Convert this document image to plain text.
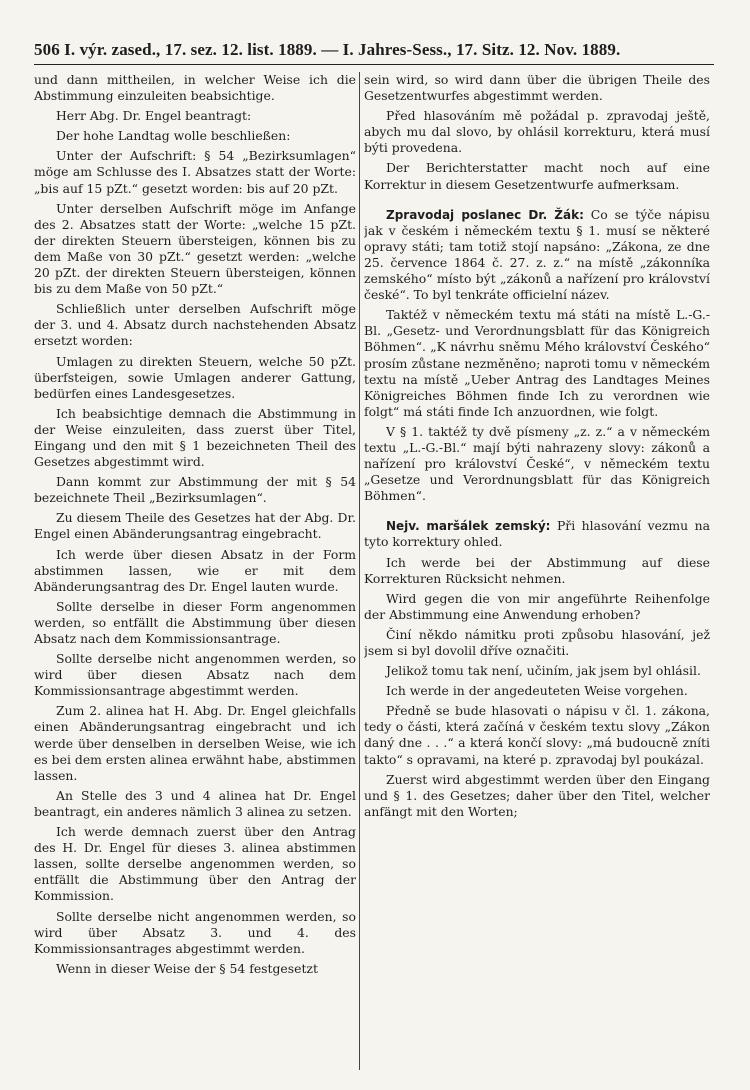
506 I. výr. zased., 17. sez. 12. list. 1889. — I. Jahres-Sess., 17. Sitz. 12. Nov. 1889.

und dann mittheilen, in welcher Weise ich die Abstimmung einzuleiten beabsichtige.

Herr Abg. Dr. Engel beantragt:

Der hohe Landtag wolle beschließen:

Unter der Aufschrift: § 54 „Bezirksumlagen“ möge am Schlusse des I. Absatzes statt der Worte: „bis auf 15 pZt.“ gesetzt worden: bis auf 20 pZt.

Unter derselben Aufschrift möge im Anfange des 2. Absatzes statt der Worte: „welche 15 pZt. der direkten Steuern übersteigen, können bis zu dem Maße von 30 pZt.“ gesetzt werden: „welche 20 pZt. der direkten Steuern übersteigen, können bis zu dem Maße von 50 pZt.“

Schließlich unter derselben Aufschrift möge der 3. und 4. Absatz durch nachstehenden Absatz ersetzt worden:

Umlagen zu direkten Steuern, welche 50 pZt. überfsteigen, sowie Umlagen anderer Gattung, bedürfen eines Landesgesetzes.

Ich beabsichtige demnach die Abstimmung in der Weise einzuleiten, dass zuerst über Titel, Eingang und den mit § 1 bezeichneten Theil des Gesetzes abgestimmt wird.

Dann kommt zur Abstimmung der mit § 54 bezeichnete Theil „Bezirksumlagen“.

Zu diesem Theile des Gesetzes hat der Abg. Dr. Engel einen Abänderungsantrag eingebracht.

Ich werde über diesen Absatz in der Form abstimmen lassen, wie er mit dem Abänderungsantrag des Dr. Engel lauten wurde.

Sollte derselbe in dieser Form angenommen werden, so entfällt die Abstimmung über diesen Absatz nach dem Kommissionsantrage.

Sollte derselbe nicht angenommen werden, so wird über diesen Absatz nach dem Kommissionsantrage abgestimmt werden.

Zum 2. alinea hat H. Abg. Dr. Engel gleichfalls einen Abänderungsantrag eingebracht und ich werde über denselben in derselben Weise, wie ich es bei dem ersten alinea erwähnt habe, abstimmen lassen.

An Stelle des 3 und 4 alinea hat Dr. Engel beantragt, ein anderes nämlich 3 alinea zu setzen.

Ich werde demnach zuerst über den Antrag des H. Dr. Engel für dieses 3. alinea abstimmen lassen, sollte derselbe angenommen werden, so entfällt die Abstimmung über den Antrag der Kommission.

Sollte derselbe nicht angenommen werden, so wird über Absatz 3. und 4. des Kommissionsantrages abgestimmt werden.

Wenn in dieser Weise der § 54 festgesetzt

sein wird, so wird dann über die übrigen Theile des Gesetzentwurfes abgestimmt werden.

Před hlasováním mě požádal p. zpravodaj ještě, abych mu dal slovo, by ohlásil korrekturu, která musí býti provedena.

Der Berichterstatter macht noch auf eine Korrektur in diesem Gesetzentwurfe aufmerksam.

Zpravodaj poslanec Dr. Žák: Co se týče nápisu jak v českém i německém textu § 1. musí se některé opravy státi; tam totiž stojí napsáno: „Zákona, ze dne 25. července 1864 č. 27. z. z.“ na místě „zákonníka zemského“ místo být „zákonů a nařízení pro království české“. To byl tenkráte officielní název.

Taktéž v německém textu má státi na místě L.-G.-Bl. „Gesetz- und Verordnungsblatt für das Königreich Böhmen“. „K návrhu sněmu Mého království Českého“ prosím zůstane nezměněno; naproti tomu v německém textu na místě „Ueber Antrag des Landtages Meines Königreiches Böhmen finde Ich zu verordnen wie folgt“ má státi finde Ich anzuordnen, wie folgt.

V § 1. taktéž ty dvě písmeny „z. z.“ a v německém textu „L.-G.-Bl.“ mají býti nahrazeny slovy: zákonů a nařízení pro království České“, v německém textu „Gesetze und Verordnungsblatt für das Königreich Böhmen“.

Nejv. maršálek zemský: Při hlasování vezmu na tyto korrektury ohled.

Ich werde bei der Abstimmung auf diese Korrekturen Rücksicht nehmen.

Wird gegen die von mir angeführte Reihenfolge der Abstimmung eine Anwendung erhoben?

Činí někdo námitku proti způsobu hlasování, jež jsem si byl dovolil dříve označiti.

Jelikož tomu tak není, učiním, jak jsem byl ohlásil.

Ich werde in der angedeuteten Weise vorgehen.

Předně se bude hlasovati o nápisu v čl. 1. zákona, tedy o části, která začíná v českém textu slovy „Zákon daný dne . . .“ a která končí slovy: „má budoucně zníti takto“ s opravami, na které p. zpravodaj byl poukázal.

Zuerst wird abgestimmt werden über den Eingang und § 1. des Gesetzes; daher über den Titel, welcher anfängt mit den Worten;
